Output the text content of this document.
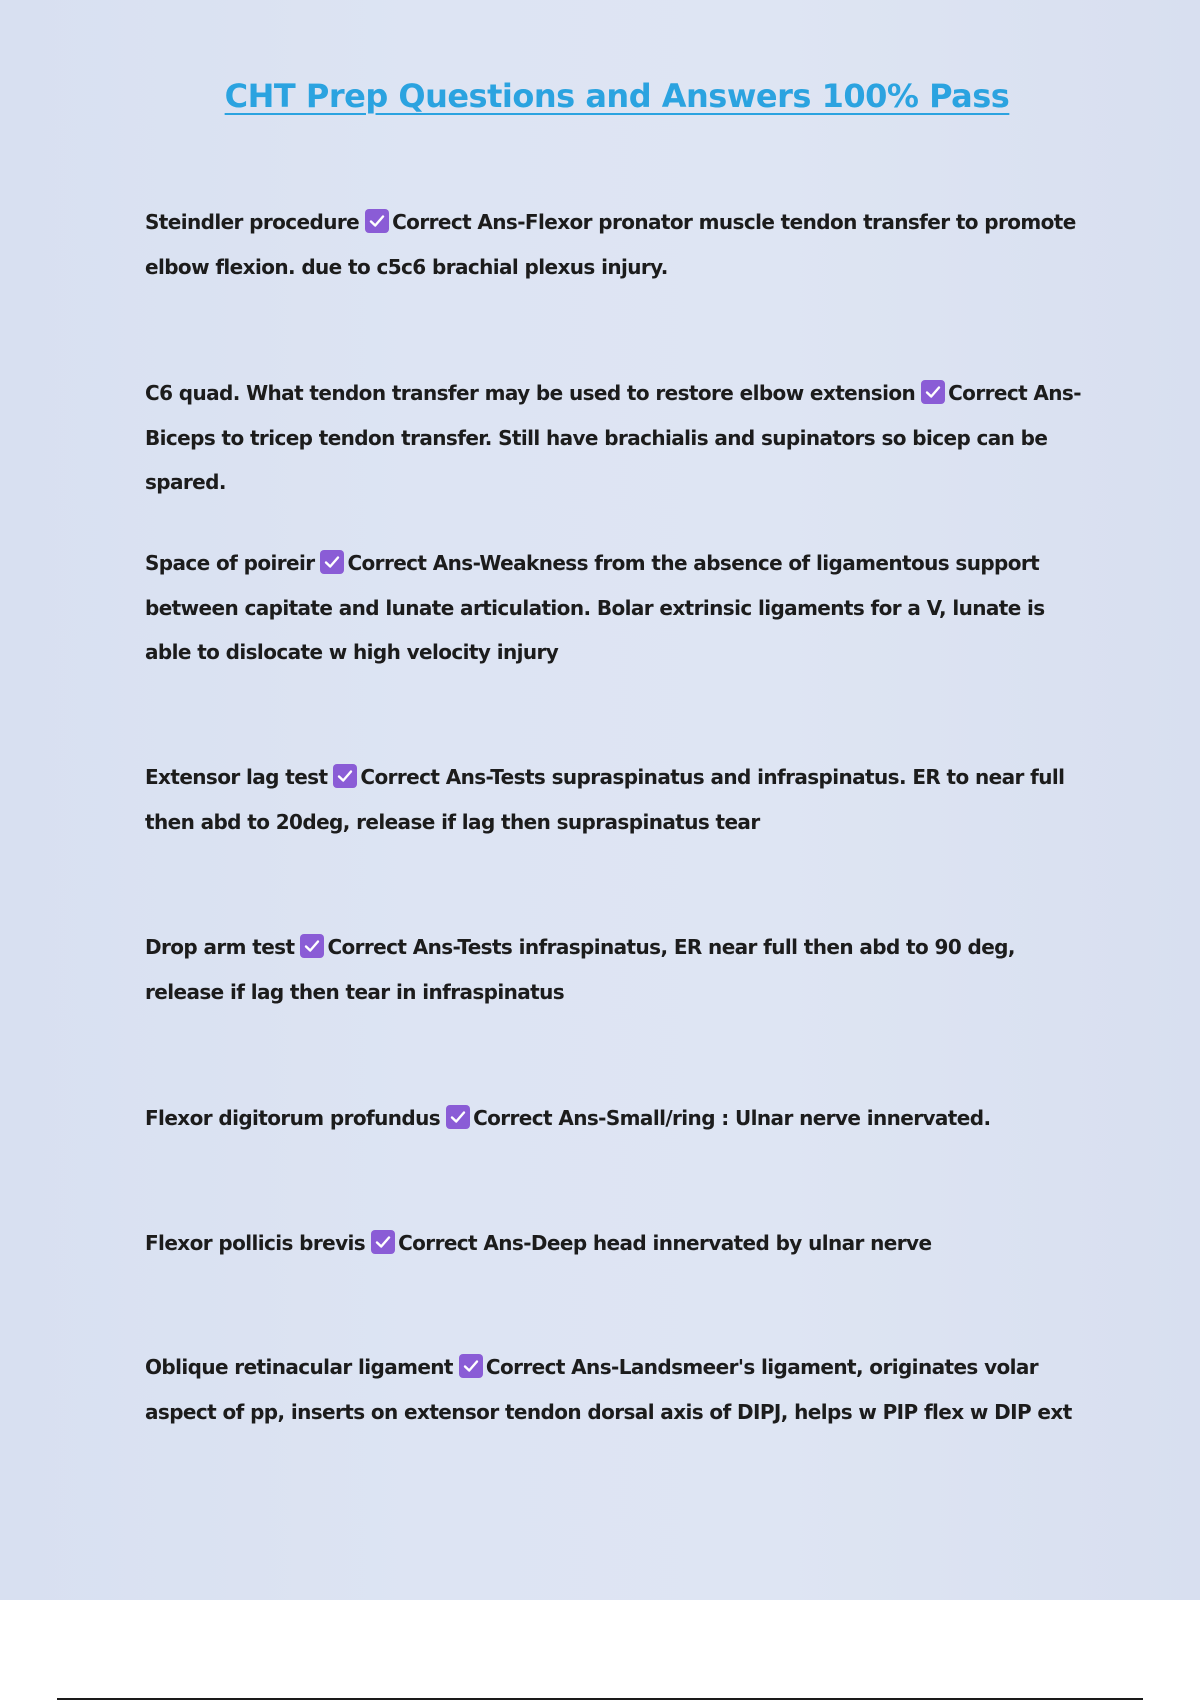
CHT Prep Questions and Answers 100% Pass

Steindler procedure Correct Ans-Flexor pronator muscle tendon transfer to promote elbow flexion. due to c5c6 brachial plexus injury.

C6 quad. What tendon transfer may be used to restore elbow extension Correct Ans-Biceps to tricep tendon transfer. Still have brachialis and supinators so bicep can be spared.

Space of poireir Correct Ans-Weakness from the absence of ligamentous support between capitate and lunate articulation. Bolar extrinsic ligaments for a V, lunate is able to dislocate w high velocity injury

Extensor lag test Correct Ans-Tests supraspinatus and infraspinatus. ER to near full then abd to 20deg, release if lag then supraspinatus tear

Drop arm test Correct Ans-Tests infraspinatus, ER near full then abd to 90 deg, release if lag then tear in infraspinatus

Flexor digitorum profundus Correct Ans-Small/ring : Ulnar nerve innervated.

Flexor pollicis brevis Correct Ans-Deep head innervated by ulnar nerve

Oblique retinacular ligament Correct Ans-Landsmeer's ligament, originates volar aspect of pp, inserts on extensor tendon dorsal axis of DIPJ, helps w PIP flex w DIP ext
